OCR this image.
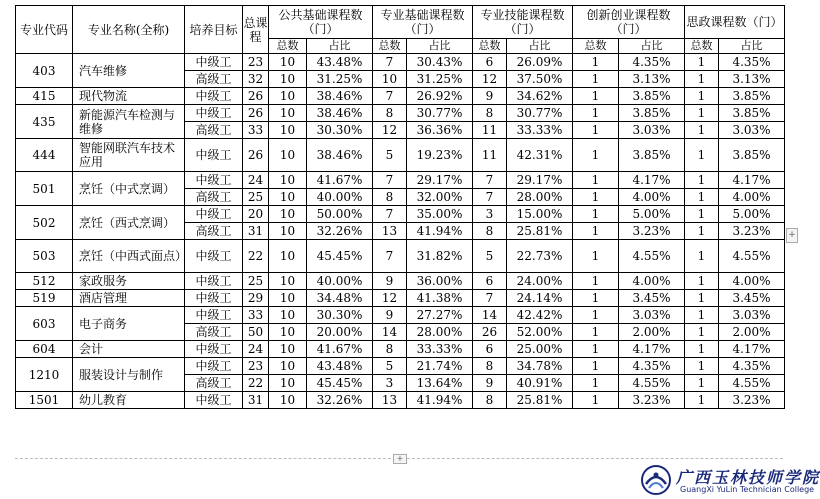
专业代码	专业名称(全称)	培养目标	总课程	公共基础课程数（门）		专业基础课程数（门）		专业技能课程数（门）		创新创业课程数（门）		思政课程数（门）	
				总数	占比	总数	占比	总数	占比	总数	占比	总数	占比
403	汽车维修	中级工	23	10	43.48%	7	30.43%	6	26.09%	1	4.35%	1	4.35%
		高级工	32	10	31.25%	10	31.25%	12	37.50%	1	3.13%	1	3.13%
415	现代物流	中级工	26	10	38.46%	7	26.92%	9	34.62%	1	3.85%	1	3.85%
435	新能源汽车检测与维修	中级工	26	10	38.46%	8	30.77%	8	30.77%	1	3.85%	1	3.85%
		高级工	33	10	30.30%	12	36.36%	11	33.33%	1	3.03%	1	3.03%
444	智能网联汽车技术应用	中级工	26	10	38.46%	5	19.23%	11	42.31%	1	3.85%	1	3.85%
501	烹饪（中式烹调）	中级工	24	10	41.67%	7	29.17%	7	29.17%	1	4.17%	1	4.17%
		高级工	25	10	40.00%	8	32.00%	7	28.00%	1	4.00%	1	4.00%
502	烹饪（西式烹调）	中级工	20	10	50.00%	7	35.00%	3	15.00%	1	5.00%	1	5.00%
		高级工	31	10	32.26%	13	41.94%	8	25.81%	1	3.23%	1	3.23%
503	烹饪（中西式面点）	中级工	22	10	45.45%	7	31.82%	5	22.73%	1	4.55%	1	4.55%
512	家政服务	中级工	25	10	40.00%	9	36.00%	6	24.00%	1	4.00%	1	4.00%
519	酒店管理	中级工	29	10	34.48%	12	41.38%	7	24.14%	1	3.45%	1	3.45%
603	电子商务	中级工	33	10	30.30%	9	27.27%	14	42.42%	1	3.03%	1	3.03%
		高级工	50	10	20.00%	14	28.00%	26	52.00%	1	2.00%	1	2.00%
604	会计	中级工	24	10	41.67%	8	33.33%	6	25.00%	1	4.17%	1	4.17%
1210	服装设计与制作	中级工	23	10	43.48%	5	21.74%	8	34.78%	1	4.35%	1	4.35%
		高级工	22	10	45.45%	3	13.64%	9	40.91%	1	4.55%	1	4.55%
1501	幼儿教育	中级工	31	10	32.26%	13	41.94%	8	25.81%	1	3.23%	1	3.23%
+
+
广西玉林技师学院
GuangXi YuLin Technician College
